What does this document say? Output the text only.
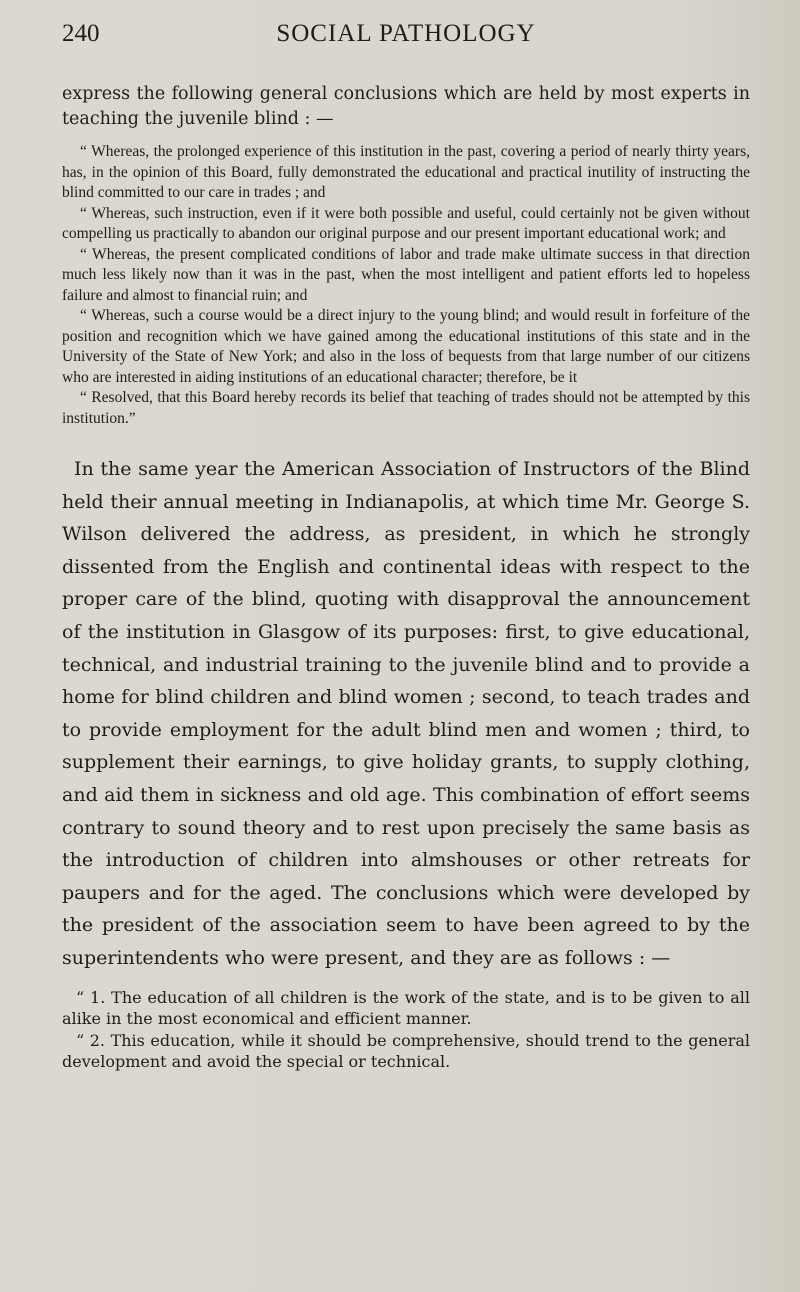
240	SOCIAL PATHOLOGY

express the following general conclusions which are held by most experts in teaching the juvenile blind : —

“ Whereas, the prolonged experience of this institution in the past, covering a period of nearly thirty years, has, in the opinion of this Board, fully demonstrated the educational and practical inutility of instructing the blind committed to our care in trades ; and

“ Whereas, such instruction, even if it were both possible and useful, could certainly not be given without compelling us practically to abandon our original purpose and our present important educational work; and

“ Whereas, the present complicated conditions of labor and trade make ultimate success in that direction much less likely now than it was in the past, when the most intelligent and patient efforts led to hopeless failure and almost to financial ruin; and

“ Whereas, such a course would be a direct injury to the young blind; and would result in forfeiture of the position and recognition which we have gained among the educational institutions of this state and in the University of the State of New York; and also in the loss of bequests from that large number of our citizens who are interested in aiding institutions of an educational character; therefore, be it

“ Resolved, that this Board hereby records its belief that teaching of trades should not be attempted by this institution.”

In the same year the American Association of Instructors of the Blind held their annual meeting in Indianapolis, at which time Mr. George S. Wilson delivered the address, as president, in which he strongly dissented from the English and continental ideas with respect to the proper care of the blind, quoting with disapproval the announcement of the institution in Glasgow of its purposes: first, to give educational, technical, and industrial training to the juvenile blind and to provide a home for blind children and blind women ; second, to teach trades and to provide employment for the adult blind men and women ; third, to supplement their earnings, to give holiday grants, to supply clothing, and aid them in sickness and old age. This combination of effort seems contrary to sound theory and to rest upon precisely the same basis as the introduction of children into almshouses or other retreats for paupers and for the aged. The conclusions which were developed by the president of the association seem to have been agreed to by the superintendents who were present, and they are as follows : —

“ 1. The education of all children is the work of the state, and is to be given to all alike in the most economical and efficient manner.

“ 2. This education, while it should be comprehensive, should trend to the general development and avoid the special or technical.
